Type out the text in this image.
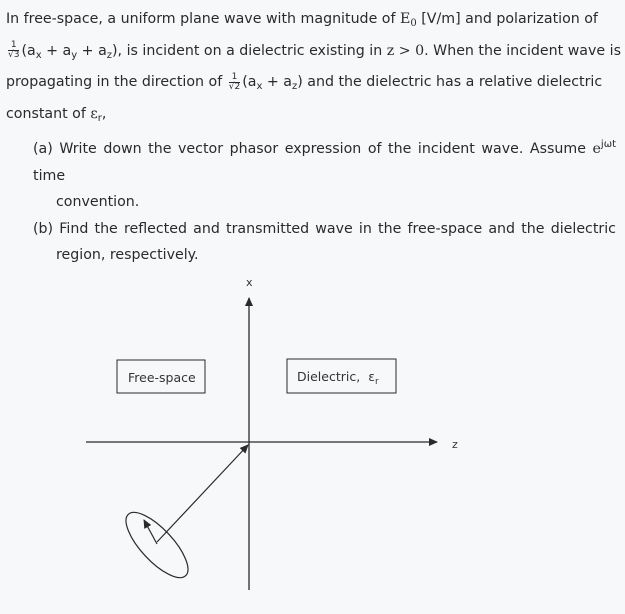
In free-space, a uniform plane wave with magnitude of $E_0$ [V/m] and polarization of
$\frac{1}{√3} (a_x + a_y + a_z)$, is incident on a dielectric existing in z > 0. When the incident wave is
propagating in the direction of $\frac{1}{√2} (a_x + a_z)$ and the dielectric has a relative dielectric
constant of $\varepsilon_r$,
(a) Write down the vector phasor expression of the incident wave. Assume $e^{j\omega t}$ time
convention.
(b) Find the reflected and transmitted wave in the free-space and the dielectric
region, respectively.
z
x
Free-space	Dielectric, $\varepsilon_r$
